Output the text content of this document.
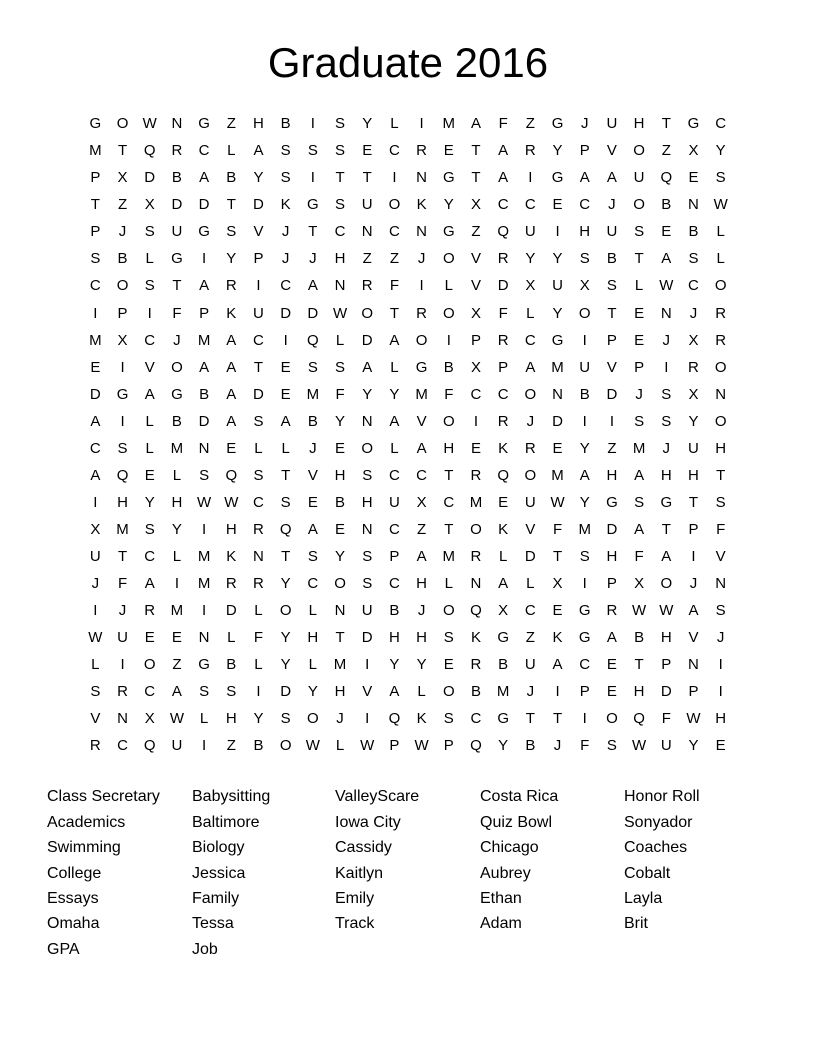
Graduate 2016
G	O W N	G	Z	H	B	I	S	Y	L	I	M	A	F	Z	G	J	U	H	T	G	C
M	T	Q	R	C	L	A	S	S	S	E	C	R	E	T	A	R	Y	P	V	O	Z	X	Y
P	X	D	B	A	B	Y	S	I	T	T	I	N	G	T	A	I	G	A	A	U	Q	E	S
T	Z	X	D	D	T	D	K	G	S	U	O	K	Y	X	C	C	E	C	J	O	B	N W
P	J	S	U	G	S	V	J	T	C	N	C	N	G	Z	Q	U	I	H	U	S	E	B	L
S	B	L	G	I	Y	P	J	J	H	Z	Z	J	O	V	R	Y	Y	S	B	T	A	S	L
C	O	S	T	A	R	I	C	A	N	R	F	I	L	V	D	X	U	X	S	L	W C	O
I	P	I	F	P	K	U	D	D W O	T	R	O	X	F	L	Y	O	T	E	N	J	R
M	X	C	J	M	A	C	I	Q	L	D	A	O	I	P	R	C	G	I	P	E	J	X	R
E	I	V	O	A	A	T	E	S	S	A	L	G	B	X	P	A	M	U	V	P	I	R	O
D	G	A	G	B	A	D	E	M	F	Y	Y	M	F	C	C	O	N	B	D	J	S	X	N
A	I	L	B	D	A	S	A	B	Y	N	A	V	O	I	R	J	D	I	I	S	S	Y	O
C	S	L	M	N	E	L	L	J	E	O	L	A	H	E	K	R	E	Y	Z	M	J	U	H
A	Q	E	L	S	Q	S	T	V	H	S	C	C	T	R	Q	O	M	A	H	A	H	H	T
I	H	Y	H W W C	S	E	B	H	U	X	C	M	E	U W	Y	G	S	G	T	S
X	M	S	Y	I	H	R	Q	A	E	N	C	Z	T	O	K	V	F	M	D	A	T	P	F
U	T	C	L	M	K	N	T	S	Y	S	P	A	M	R	L	D	T	S	H	F	A	I	V
J	F	A	I	M	R	R	Y	C	O	S	C	H	L	N	A	L	X	I	P	X	O	J	N
I	J	R	M	I	D	L	O	L	N	U	B	J	O	Q	X	C	E	G	R W W	A	S
W U	E	E	N	L	F	Y	H	T	D	H	H	S	K	G	Z	K	G	A	B	H	V	J
L	I	O	Z	G	B	L	Y	L	M	I	Y	Y	E	R	B	U	A	C	E	T	P	N	I
S	R	C	A	S	S	I	D	Y	H	V	A	L	O	B	M	J	I	P	E	H	D	P	I
V	N	X	W	L	H	Y	S	O	J	I	Q	K	S	C	G	T	T	I	O	Q	F	W H
R	C	Q	U	I	Z	B	O W	L	W	P	W	P	Q	Y	B	J	F	S	W U	Y	E
Class Secretary
Academics
Swimming
College
Essays
Omaha
GPA
Babysitting
Baltimore
Biology
Jessica
Family
Tessa
Job
ValleyScare
Iowa City
Cassidy
Kaitlyn
Emily
Track
Costa Rica
Quiz Bowl
Chicago
Aubrey
Ethan
Adam
Honor Roll
Sonyador
Coaches
Cobalt
Layla
Brit
